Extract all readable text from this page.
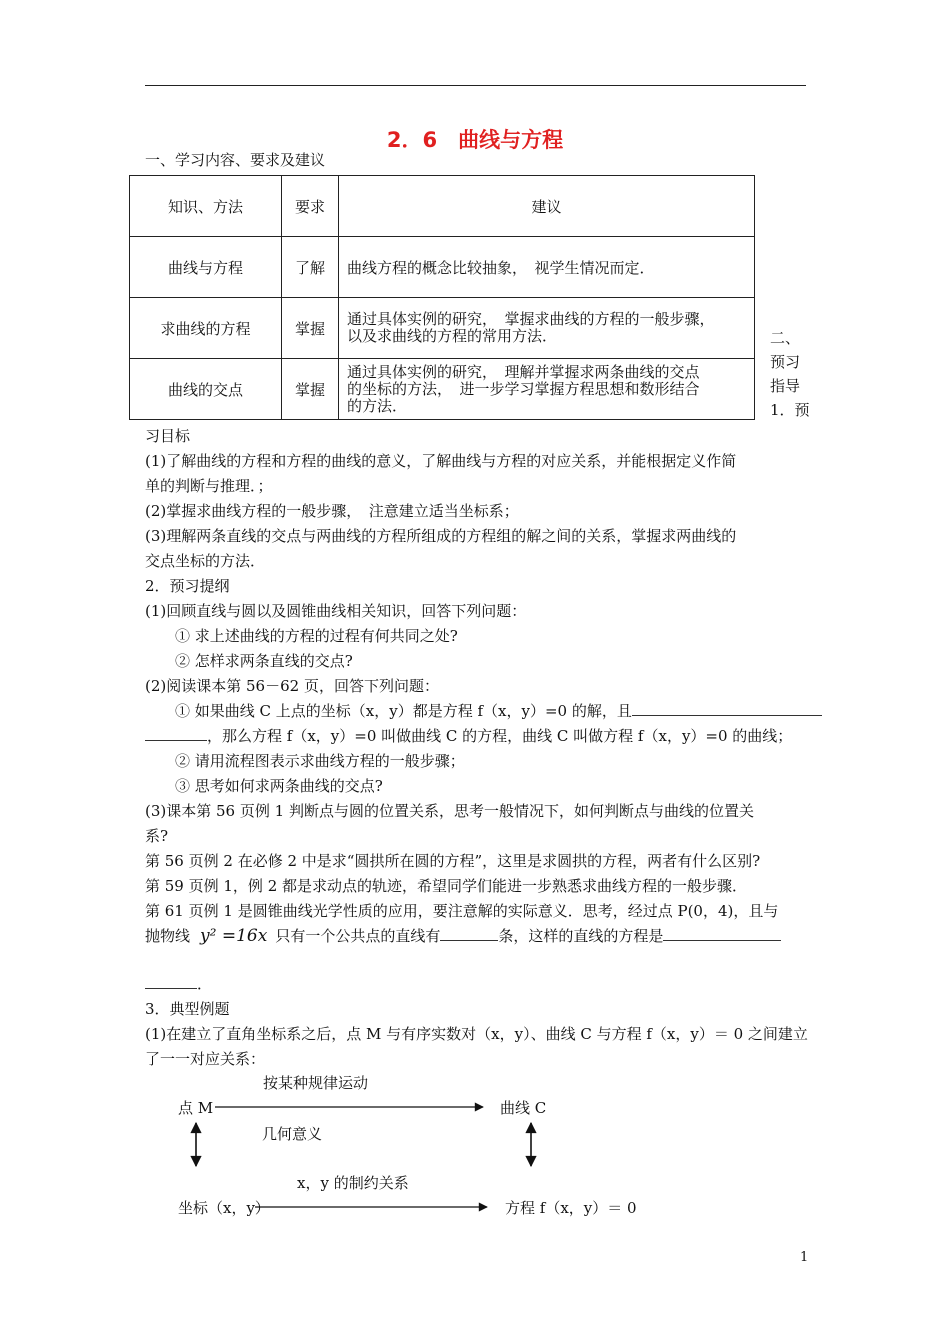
2．6　曲线与方程
一、学习内容、要求及建议
知识、方法	要求	建议
曲线与方程	了解	曲线方程的概念比较抽象，　视学生情况而定．
求曲线的方程	掌握	通过具体实例的研究，　掌握求曲线的方程的一般步骤，
以及求曲线的方程的常用方法．

曲线的交点	掌握	通过具体实例的研究，　理解并掌握求两条曲线的交点
的坐标的方法，　进一步学习掌握方程思想和数形结合
的方法．
二、
预习
指导
1．预
习目标
(1)了解曲线的方程和方程的曲线的意义，了解曲线与方程的对应关系，并能根据定义作简
单的判断与推理．；
(2)掌握求曲线方程的一般步骤，　注意建立适当坐标系；
(3)理解两条直线的交点与两曲线的方程所组成的方程组的解之间的关系，掌握求两曲线的
交点坐标的方法．
2．预习提纲
(1)回顾直线与圆以及圆锥曲线相关知识，回答下列问题：
① 求上述曲线的方程的过程有何共同之处?
② 怎样求两条直线的交点?
(2)阅读课本第 56－62 页，回答下列问题：
① 如果曲线 C 上点的坐标（x，y）都是方程 f（x，y）=0 的解，且
，那么方程 f（x，y）=0 叫做曲线 C 的方程，曲线 C 叫做方程 f（x，y）=0 的曲线；
② 请用流程图表示求曲线方程的一般步骤；
③ 思考如何求两条曲线的交点?
(3)课本第 56 页例 1 判断点与圆的位置关系，思考一般情况下，如何判断点与曲线的位置关
系?
第 56 页例 2 在必修 2 中是求“圆拱所在圆的方程”，这里是求圆拱的方程，两者有什么区别?
第 59 页例 1，例 2 都是求动点的轨迹，希望同学们能进一步熟悉求曲线方程的一般步骤．
第 61 页例 1 是圆锥曲线光学性质的应用，要注意解的实际意义．思考，经过点 P(0，4)，且与
抛物线 y² =16x 只有一个公共点的直线有	条，这样的直线的方程是
．
3．典型例题
(1)在建立了直角坐标系之后，点 M 与有序实数对（x，y）、曲线 C 与方程 f（x，y）＝ 0 之间建立
了一一对应关系：
按某种规律运动
点 M	曲线 C
几何意义
x，y 的制约关系
坐标（x，y）	方程 f（x，y）＝ 0
1
